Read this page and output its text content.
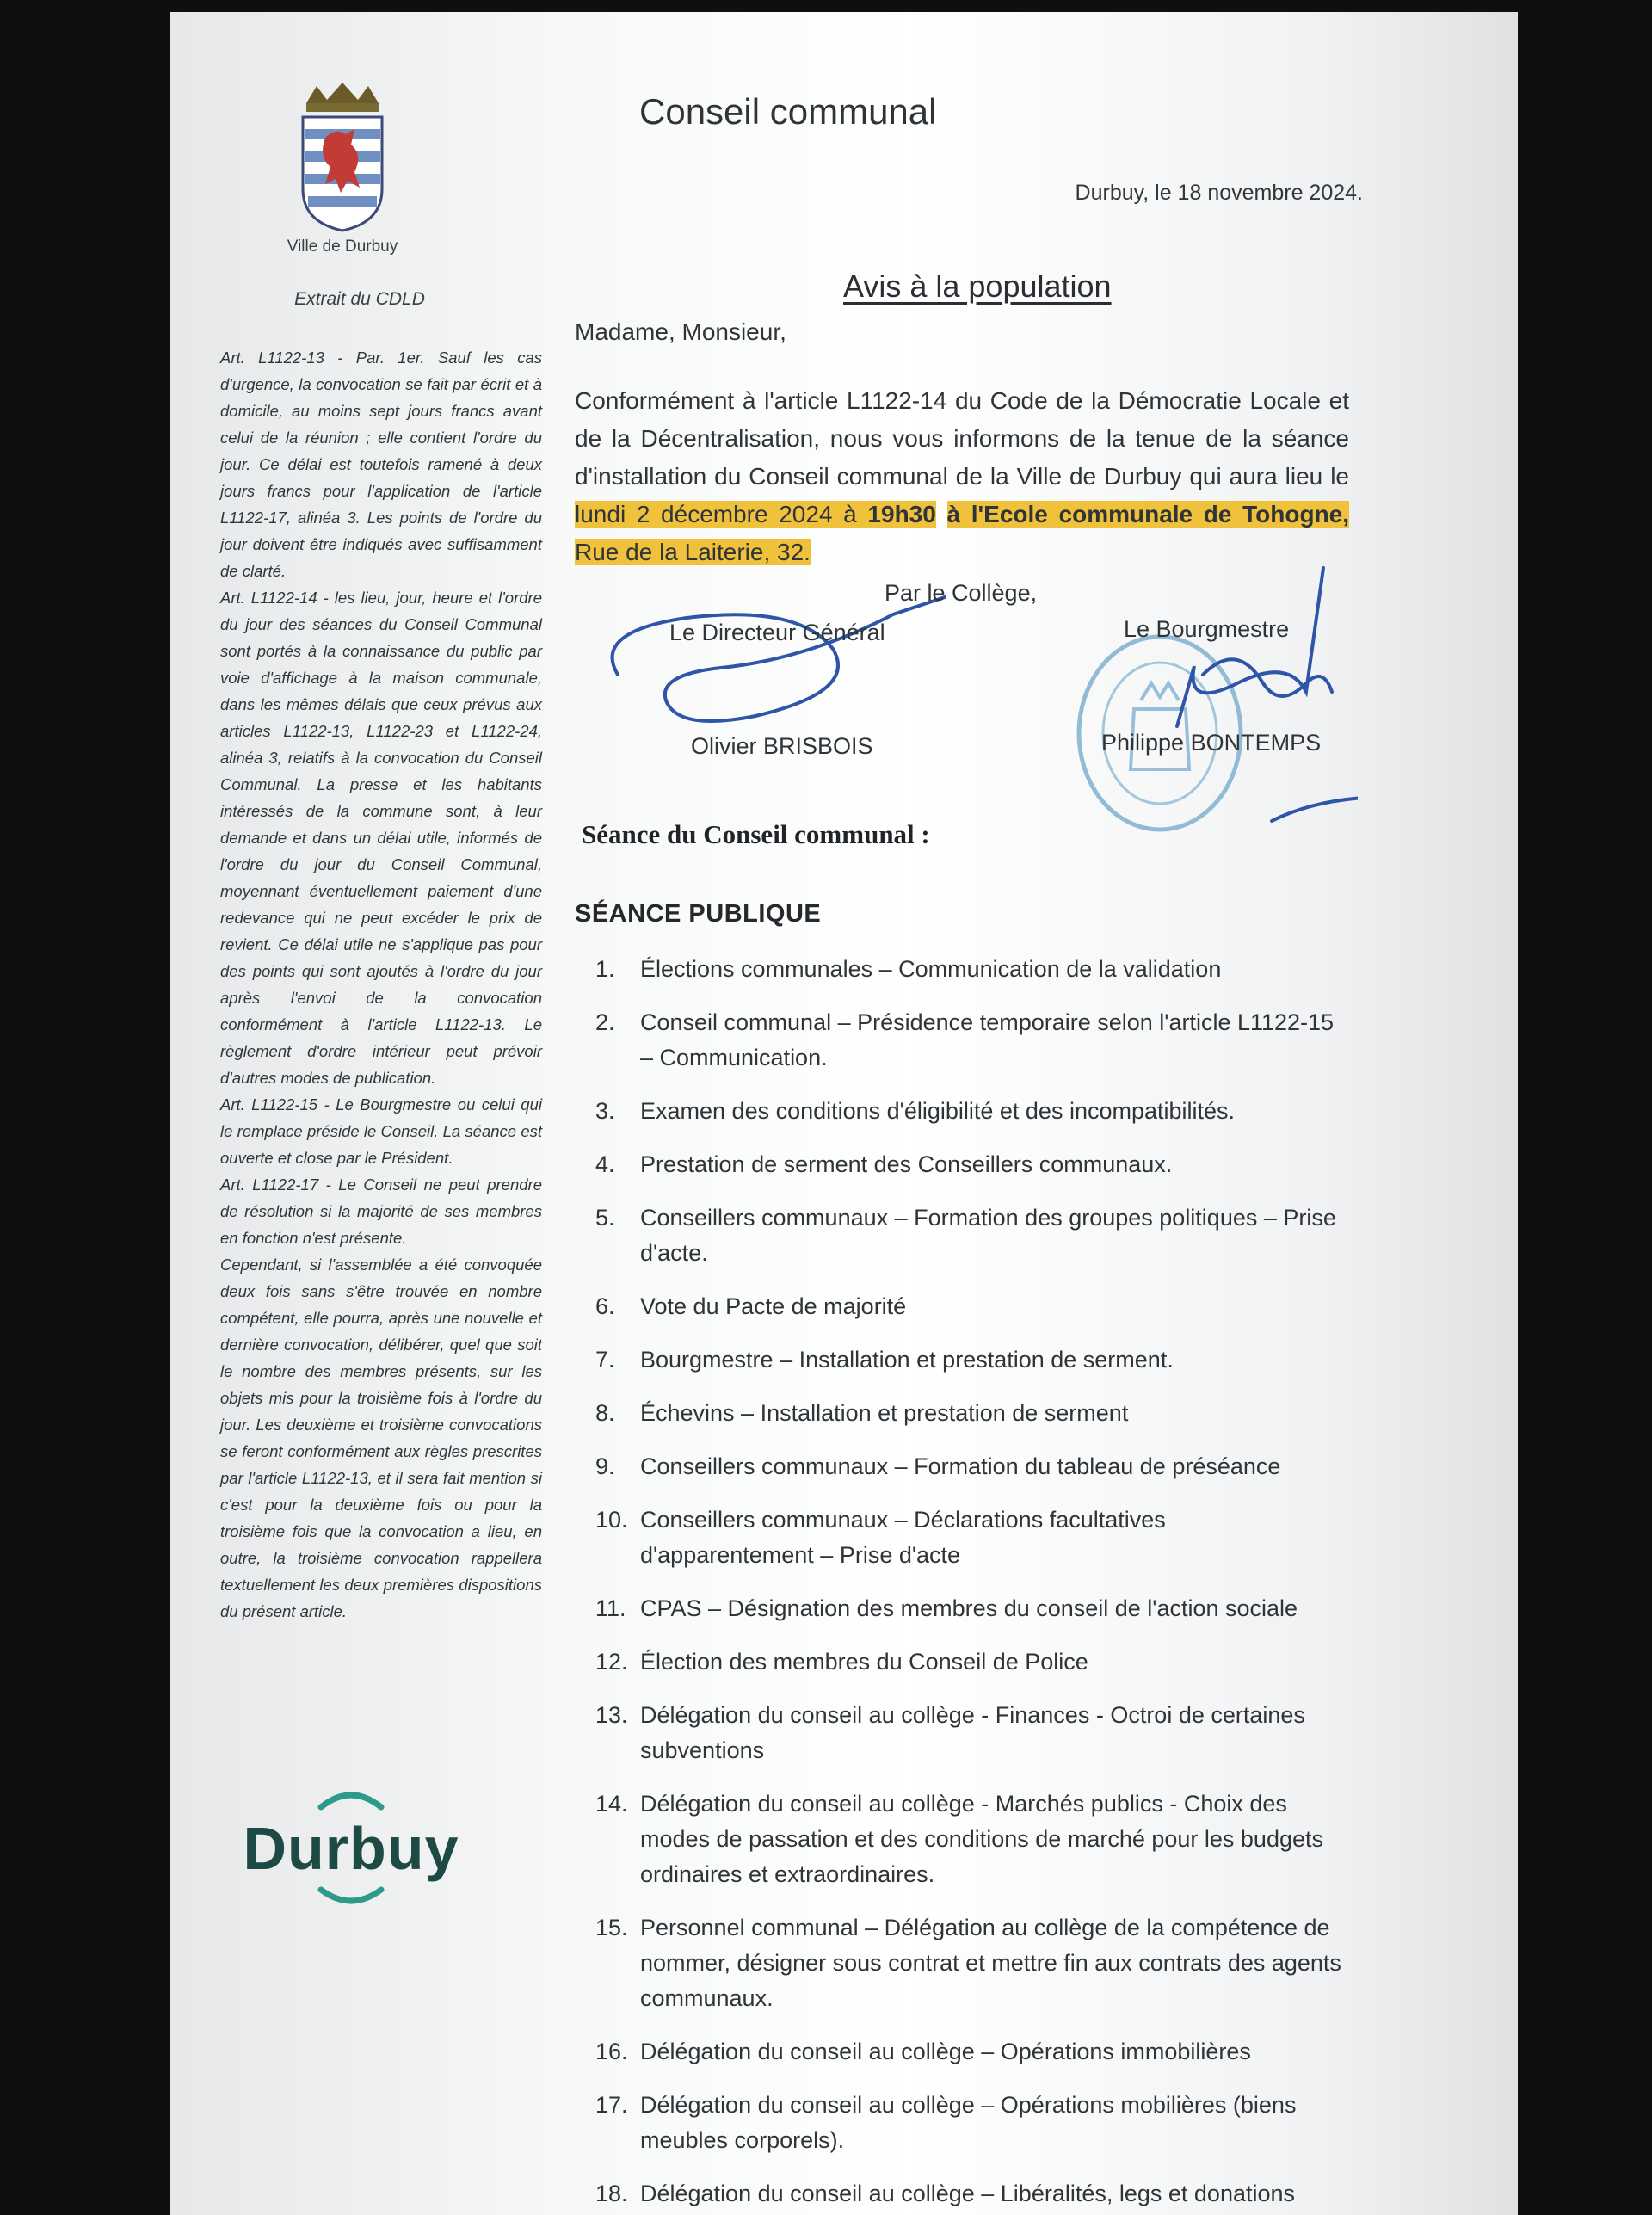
Ville de Durbuy
Extrait du CDLD

Art. L1122-13 - Par. 1er. Sauf les cas d'urgence, la convocation se fait par écrit et à domicile, au moins sept jours francs avant celui de la réunion ; elle contient l'ordre du jour. Ce délai est toutefois ramené à deux jours francs pour l'application de l'article L1122-17, alinéa 3. Les points de l'ordre du jour doivent être indiqués avec suffisamment de clarté.

Art. L1122-14 - les lieu, jour, heure et l'ordre du jour des séances du Conseil Communal sont portés à la connaissance du public par voie d'affichage à la maison communale, dans les mêmes délais que ceux prévus aux articles L1122-13, L1122-23 et L1122-24, alinéa 3, relatifs à la convocation du Conseil Communal. La presse et les habitants intéressés de la commune sont, à leur demande et dans un délai utile, informés de l'ordre du jour du Conseil Communal, moyennant éventuellement paiement d'une redevance qui ne peut excéder le prix de revient. Ce délai utile ne s'applique pas pour des points qui sont ajoutés à l'ordre du jour après l'envoi de la convocation conformément à l'article L1122-13. Le règlement d'ordre intérieur peut prévoir d'autres modes de publication.

Art. L1122-15 - Le Bourgmestre ou celui qui le remplace préside le Conseil. La séance est ouverte et close par le Président.

Art. L1122-17 - Le Conseil ne peut prendre de résolution si la majorité de ses membres en fonction n'est présente.

Cependant, si l'assemblée a été convoquée deux fois sans s'être trouvée en nombre compétent, elle pourra, après une nouvelle et dernière convocation, délibérer, quel que soit le nombre des membres présents, sur les objets mis pour la troisième fois à l'ordre du jour. Les deuxième et troisième convocations se feront conformément aux règles prescrites par l'article L1122-13, et il sera fait mention si c'est pour la deuxième fois ou pour la troisième fois que la convocation a lieu, en outre, la troisième convocation rappellera textuellement les deux premières dispositions du présent article.

Durbuy
Conseil communal
Durbuy, le 18 novembre 2024.
Avis à la population
Madame, Monsieur,
Conformément à l'article L1122-14 du Code de la Démocratie Locale et de la Décentralisation, nous vous informons de la tenue de la séance d'installation du Conseil communal de la Ville de Durbuy qui aura lieu le lundi 2 décembre 2024 à 19h30 à l'Ecole communale de Tohogne, Rue de la Laiterie, 32.
Par le Collège,
Le Directeur Général	Le Bourgmestre
Olivier BRISBOIS	Philippe BONTEMPS
Séance du Conseil communal :
SÉANCE PUBLIQUE
1.	Élections communales – Communication de la validation
2.	Conseil communal – Présidence temporaire selon l'article L1122-15 – Communication.
3.	Examen des conditions d'éligibilité et des incompatibilités.
4.	Prestation de serment des Conseillers communaux.
5.	Conseillers communaux – Formation des groupes politiques – Prise d'acte.
6.	Vote du Pacte de majorité
7.	Bourgmestre – Installation et prestation de serment.
8.	Échevins – Installation et prestation de serment
9.	Conseillers communaux – Formation du tableau de préséance
10. Conseillers communaux – Déclarations facultatives d'apparentement – Prise d'acte
11. CPAS – Désignation des membres du conseil de l'action sociale
12. Élection des membres du Conseil de Police
13. Délégation du conseil au collège - Finances - Octroi de certaines subventions
14. Délégation du conseil au collège - Marchés publics - Choix des modes de passation et des conditions de marché pour les budgets ordinaires et extraordinaires.
15. Personnel communal – Délégation au collège de la compétence de nommer, désigner sous contrat et mettre fin aux contrats des agents communaux.
16. Délégation du conseil au collège – Opérations immobilières
17. Délégation du conseil au collège – Opérations mobilières (biens meubles corporels).
18. Délégation du conseil au collège – Libéralités, legs et donations
